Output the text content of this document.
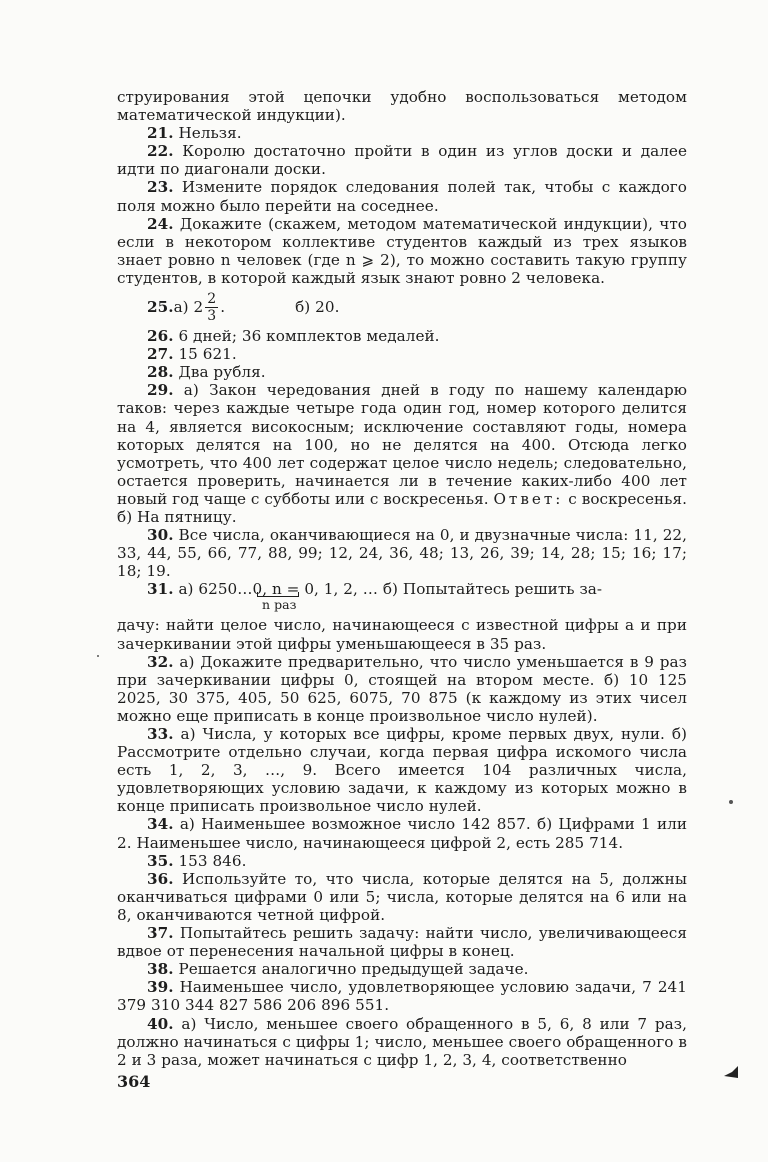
струирования этой цепочки удобно воспользоваться методом математической индукции).

21. Нельзя.

22. Королю достаточно пройти в один из углов доски и далее идти по диагонали доски.

23. Измените порядок следования полей так, чтобы с каждого поля можно было перейти на соседнее.

24. Докажите (скажем, методом математической индукции), что если в некотором коллективе студентов каждый из трех языков знает ровно n человек (где n ⩾ 2), то можно составить такую группу студентов, в которой каждый язык знают ровно 2 человека.

25. а) $2 \frac{2}{3}$ .	б) 20.

26. 6 дней; 36 комплектов медалей.

27. 15 621.

28. Два рубля.

29. а) Закон чередования дней в году по нашему календарю таков: через каждые четыре года один год, номер которого делится на 4, является високосным; исключение составляют годы, номера которых делятся на 100, но не делятся на 400. Отсюда легко усмотреть, что 400 лет содержат целое число недель; следовательно, остается проверить, начинается ли в течение каких-либо 400 лет новый год чаще с субботы или с воскресенья. Ответ: с воскресенья. б) На пятницу.

30. Все числа, оканчивающиеся на 0, и двузначные числа: 11, 22, 33, 44, 55, 66, 77, 88, 99; 12, 24, 36, 48; 13, 26, 39; 14, 28; 15; 16; 17; 18; 19.

31. а) 6250…0, n = 0, 1, 2, … б) Попытайтесь решить за-

n раз

дачу: найти целое число, начинающееся с известной цифры a и при зачеркивании этой цифры уменьшающееся в 35 раз.

32. а) Докажите предварительно, что число уменьшается в 9 раз при зачеркивании цифры 0, стоящей на втором месте. б) 10 125 2025, 30 375, 405, 50 625, 6075, 70 875 (к каждому из этих чисел можно еще приписать в конце произвольное число нулей).

33. а) Числа, у которых все цифры, кроме первых двух, нули. б) Рассмотрите отдельно случаи, когда первая цифра искомого числа есть 1, 2, 3, …, 9. Всего имеется 104 различных числа, удовлетворяющих условию задачи, к каждому из которых можно в конце приписать произвольное число нулей.

34. а) Наименьшее возможное число 142 857. б) Цифрами 1 или 2. Наименьшее число, начинающееся цифрой 2, есть 285 714.

35. 153 846.

36. Используйте то, что числа, которые делятся на 5, должны оканчиваться цифрами 0 или 5; числа, которые делятся на 6 или на 8, оканчиваются четной цифрой.

37. Попытайтесь решить задачу: найти число, увеличивающееся вдвое от перенесения начальной цифры в конец.

38. Решается аналогично предыдущей задаче.

39. Наименьшее число, удовлетворяющее условию задачи, 7 241 379 310 344 827 586 206 896 551.

40. а) Число, меньшее своего обращенного в 5, 6, 8 или 7 раз, должно начинаться с цифры 1; число, меньшее своего обращенного в 2 и 3 раза, может начинаться с цифр 1, 2, 3, 4, соответственно

364
